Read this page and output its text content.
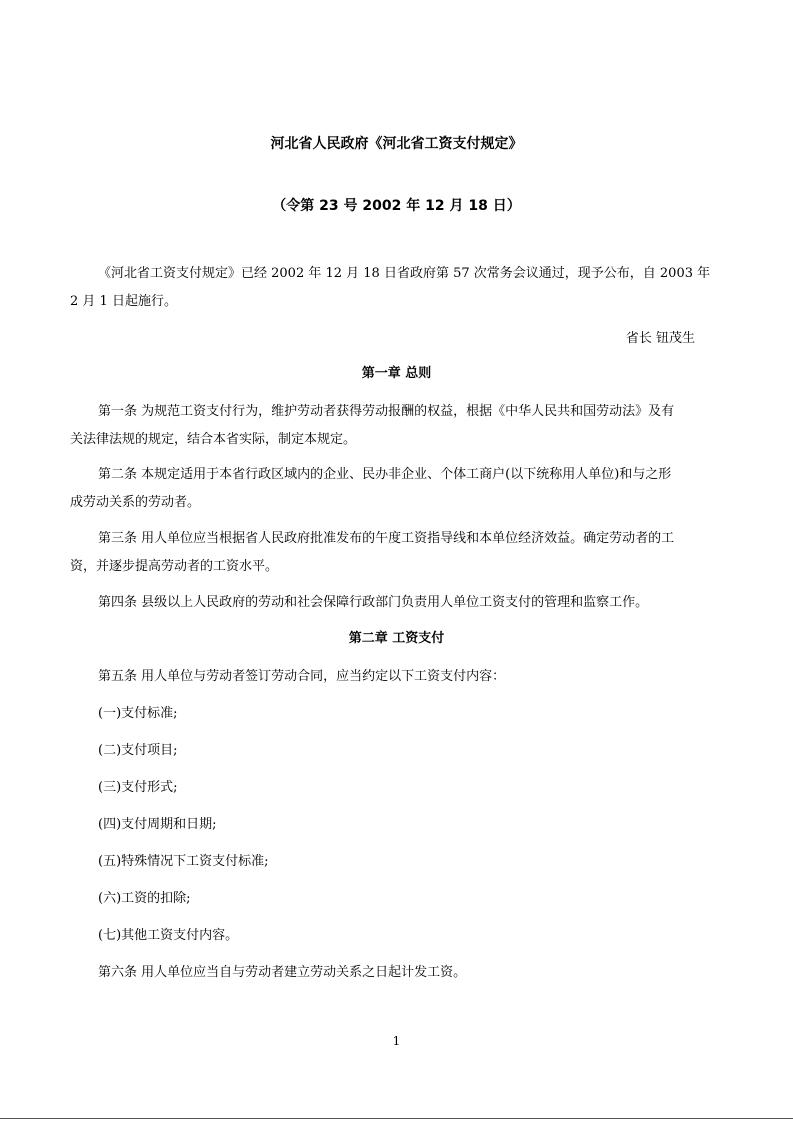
河北省人民政府《河北省工资支付规定》
（令第 23 号 2002 年 12 月 18 日）
《河北省工资支付规定》已经 2002 年 12 月 18 日省政府第 57 次常务会议通过，现予公布，自 2003 年
2 月 1 日起施行。
省长 钮茂生
第一章 总则
第一条 为规范工资支付行为，维护劳动者获得劳动报酬的权益，根据《中华人民共和国劳动法》及有
关法律法规的规定，结合本省实际，制定本规定。
第二条 本规定适用于本省行政区域内的企业、民办非企业、个体工商户(以下统称用人单位)和与之形
成劳动关系的劳动者。
第三条 用人单位应当根据省人民政府批准发布的午度工资指导线和本单位经济效益。确定劳动者的工
资，并逐步提高劳动者的工资水平。
第四条 县级以上人民政府的劳动和社会保障行政部门负责用人单位工资支付的管理和监察工作。
第二章 工资支付
第五条 用人单位与劳动者签订劳动合同，应当约定以下工资支付内容：
(一)支付标准;
(二)支付项目;
(三)支付形式;
(四)支付周期和日期;
(五)特殊情况下工资支付标准;
(六)工资的扣除;
(七)其他工资支付内容。
第六条 用人单位应当自与劳动者建立劳动关系之日起计发工资。
1
